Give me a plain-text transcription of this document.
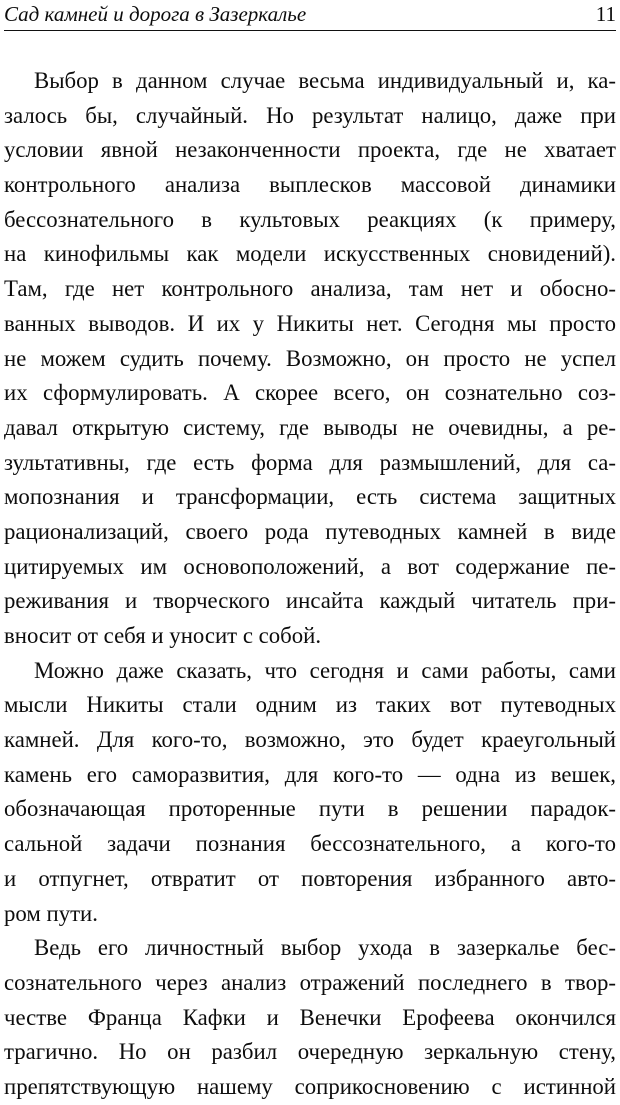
Сад камней и дорога в Зазеркалье	11

Выбор в данном случае весьма индивидуальный и, ка-
залось бы, случайный. Но результат налицо, даже при
условии явной незаконченности проекта, где не хватает
контрольного анализа выплесков массовой динамики
бессознательного в культовых реакциях (к примеру,
на кинофильмы как модели искусственных сновидений).
Там, где нет контрольного анализа, там нет и обосно-
ванных выводов. И их у Никиты нет. Сегодня мы просто
не можем судить почему. Возможно, он просто не успел
их сформулировать. А скорее всего, он сознательно соз-
давал открытую систему, где выводы не очевидны, а ре-
зультативны, где есть форма для размышлений, для са-
мопознания и трансформации, есть система защитных
рационализаций, своего рода путеводных камней в виде
цитируемых им основоположений, а вот содержание пе-
реживания и творческого инсайта каждый читатель при-
вносит от себя и уносит с собой.

Можно даже сказать, что сегодня и сами работы, сами
мысли Никиты стали одним из таких вот путеводных
камней. Для кого-то, возможно, это будет краеугольный
камень его саморазвития, для кого-то — одна из вешек,
обозначающая проторенные пути в решении парадок-
сальной задачи познания бессознательного, а кого-то
и отпугнет, отвратит от повторения избранного авто-
ром пути.

Ведь его личностный выбор ухода в зазеркалье бес-
сознательного через анализ отражений последнего в твор-
честве Франца Кафки и Венечки Ерофеева окончился
трагично. Но он разбил очередную зеркальную стену,
препятствующую нашему соприкосновению с истинной
